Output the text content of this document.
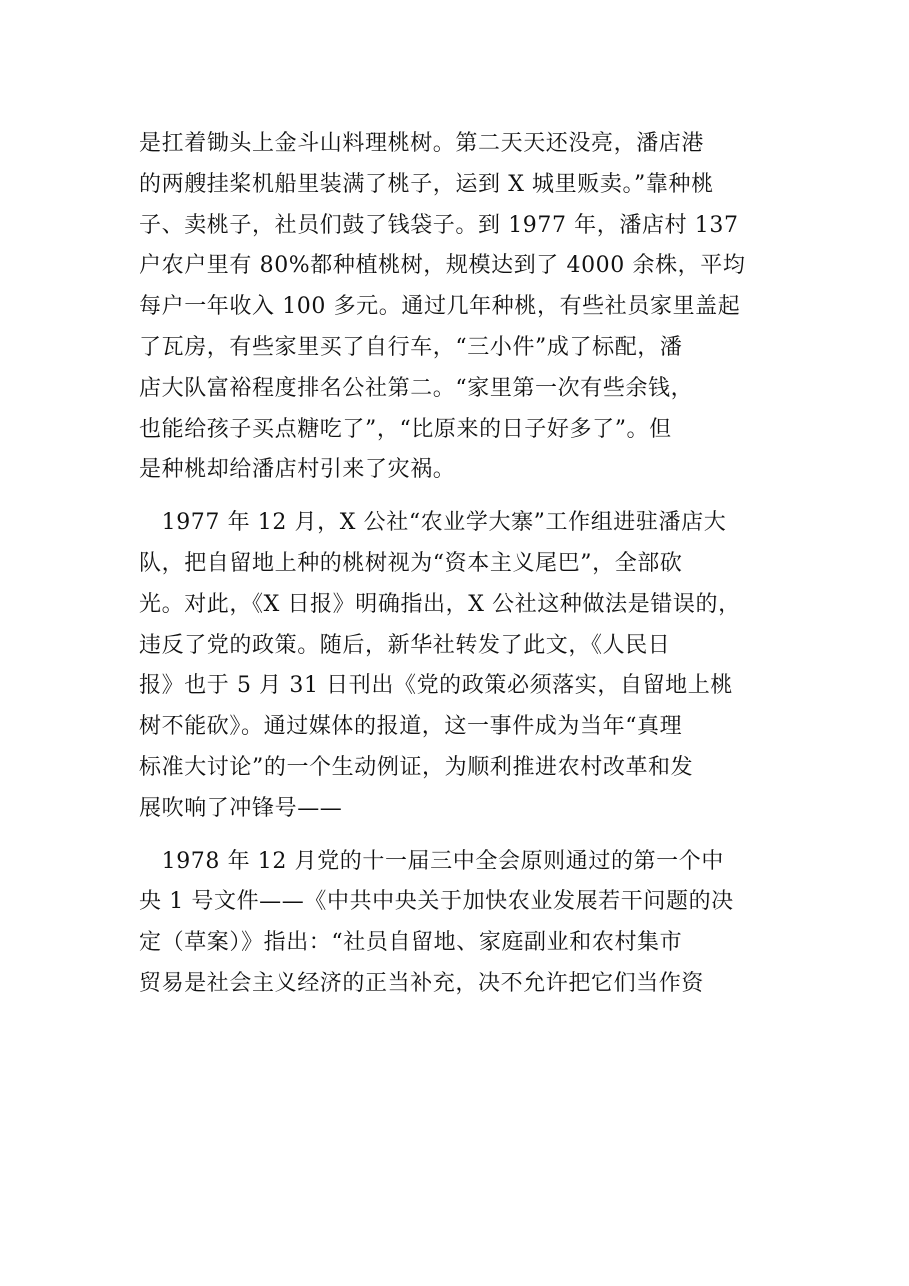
是扛着锄头上金斗山料理桃树。第二天天还没亮，潘店港
的两艘挂桨机船里装满了桃子，运到 X 城里贩卖。”靠种桃
子、卖桃子，社员们鼓了钱袋子。到 1977 年，潘店村 137
户农户里有 80%都种植桃树，规模达到了 4000 余株，平均
每户一年收入 100 多元。通过几年种桃，有些社员家里盖起
了瓦房，有些家里买了自行车，“三小件”成了标配，潘
店大队富裕程度排名公社第二。“家里第一次有些余钱，
也能给孩子买点糖吃了”，“比原来的日子好多了”。但
是种桃却给潘店村引来了灾祸。
　1977 年 12 月，X 公社“农业学大寨”工作组进驻潘店大
队，把自留地上种的桃树视为“资本主义尾巴”，全部砍
光。对此，《X 日报》明确指出，X 公社这种做法是错误的，
违反了党的政策。随后，新华社转发了此文，《人民日
报》也于 5 月 31 日刊出《党的政策必须落实，自留地上桃
树不能砍》。通过媒体的报道，这一事件成为当年“真理
标准大讨论”的一个生动例证，为顺利推进农村改革和发
展吹响了冲锋号——
　1978 年 12 月党的十一届三中全会原则通过的第一个中
央 1 号文件——《中共中央关于加快农业发展若干问题的决
定（草案）》指出：“社员自留地、家庭副业和农村集市
贸易是社会主义经济的正当补充，决不允许把它们当作资
